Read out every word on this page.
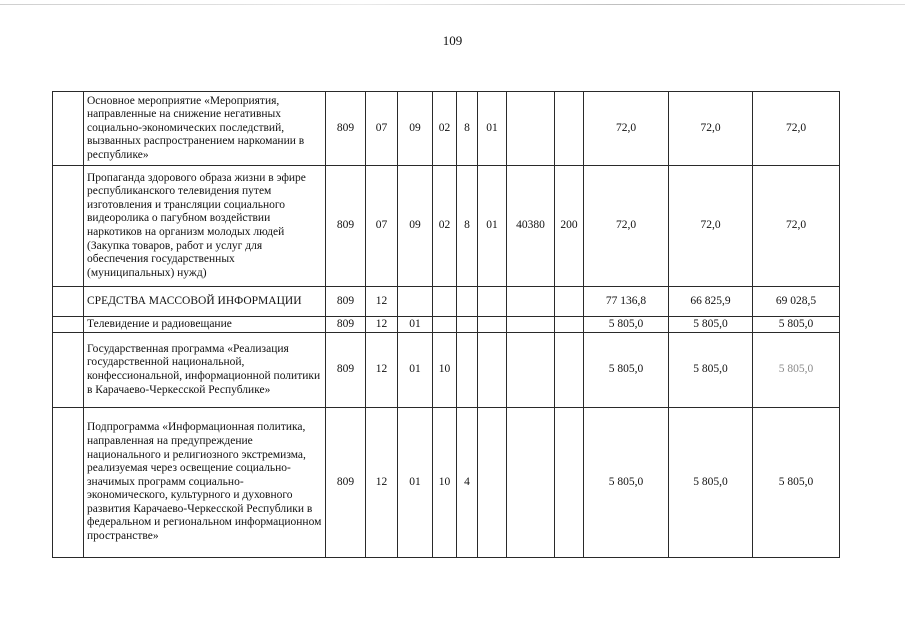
109
	Основное мероприятие «Мероприятия, направленные на снижение негативных социально-экономических последствий, вызванных распространением наркомании в республике»	809	07	09	02	8	01			72,0	72,0	72,0
	Пропаганда здорового образа жизни в эфире республиканского телевидения путем изготовления и трансляции социального видеоролика о пагубном воздействии наркотиков на организм молодых людей (Закупка товаров, работ и услуг для обеспечения государственных (муниципальных) нужд)	809	07	09	02	8	01	40380	200	72,0	72,0	72,0
	СРЕДСТВА МАССОВОЙ ИНФОРМАЦИИ	809	12							77 136,8	66 825,9	69 028,5
	Телевидение и радиовещание	809	12	01						5 805,0	5 805,0	5 805,0
	Государственная программа «Реализация государственной национальной, конфессиональной, информационной политики в Карачаево-Черкесской Республике»	809	12	01	10					5 805,0	5 805,0	5 805,0
	Подпрограмма «Информационная политика, направленная на предупреждение национального и религиозного экстремизма, реализуемая через освещение социально-значимых программ социально-экономического, культурного и духовного развития Карачаево-Черкесской Республики в федеральном и региональном информационном пространстве»	809	12	01	10	4				5 805,0	5 805,0	5 805,0
